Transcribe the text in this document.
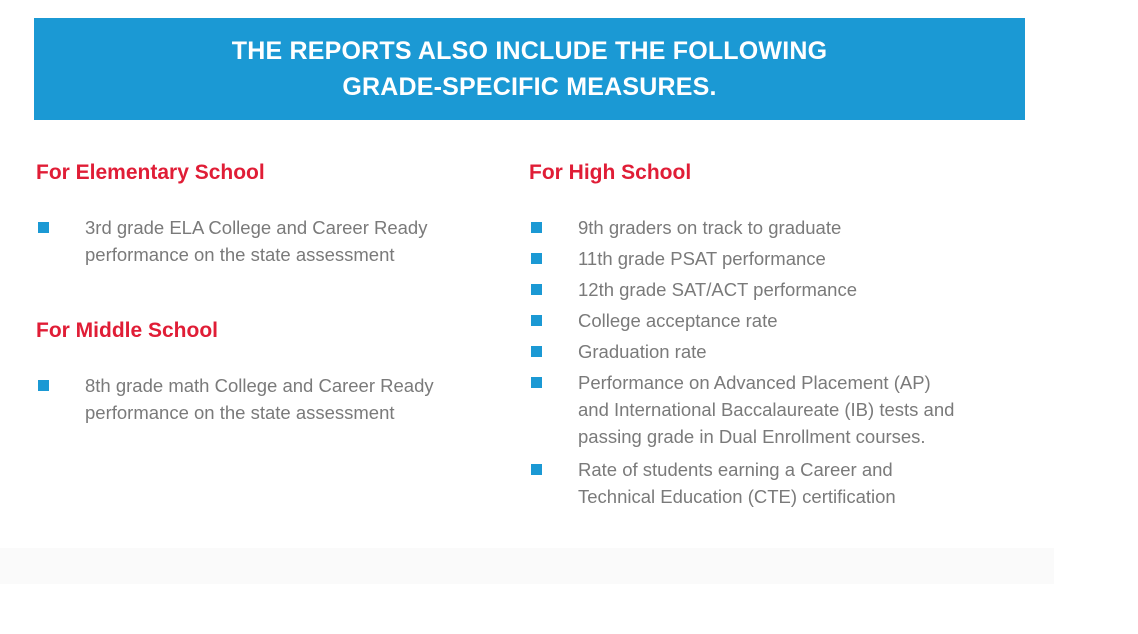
THE REPORTS ALSO INCLUDE THE FOLLOWING
GRADE-SPECIFIC MEASURES.
For Elementary School
3rd grade ELA College and Career Ready
performance on the state assessment
For Middle School
8th grade math College and Career Ready
performance on the state assessment
For High School
9th graders on track to graduate
11th grade PSAT performance
12th grade SAT/ACT performance
College acceptance rate
Graduation rate
Performance on Advanced Placement (AP)
and International Baccalaureate (IB) tests and
passing grade in Dual Enrollment courses.
Rate of students earning a Career and
Technical Education (CTE) certification
